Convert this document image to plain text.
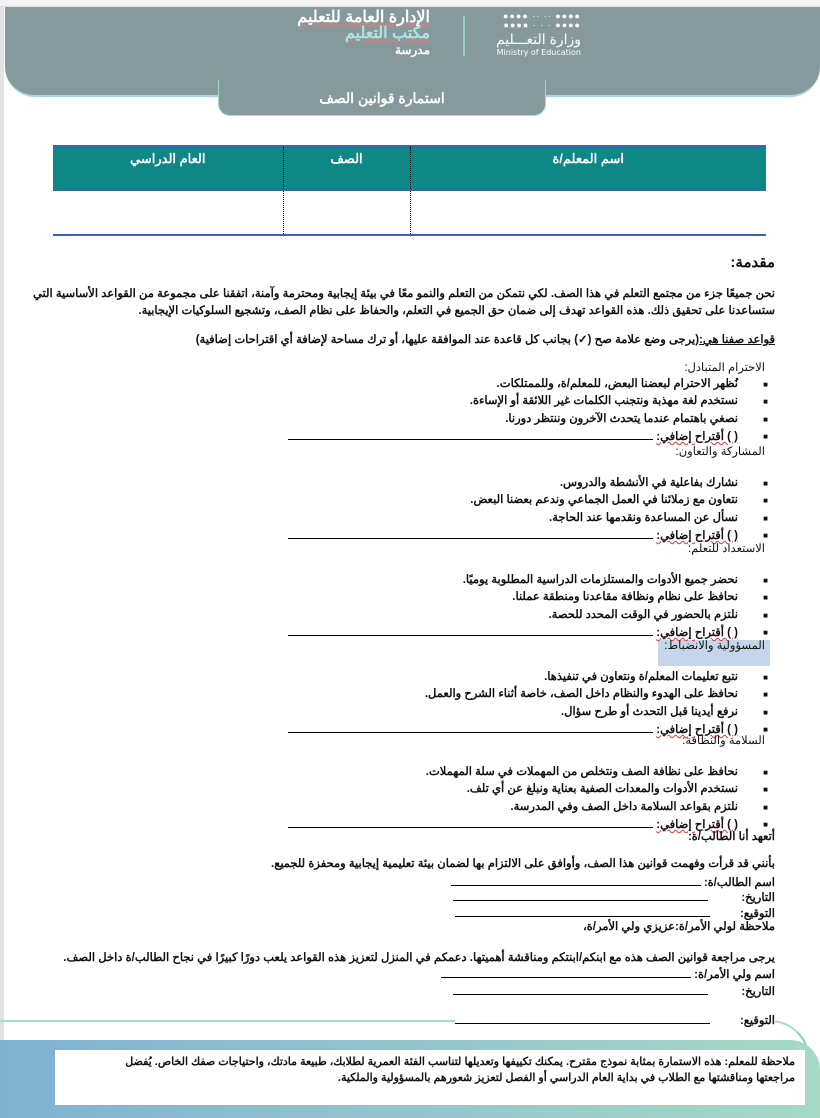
●●●● ·· ·· ●●●●
●●●● · · · ●●●●
وزارة التعـــليم
Ministry of Education
الإدارة العامة للتعليم
مكتب التعليم
مدرسة
استمارة قوانين الصف
اسم المعلم/ة	الصف	العام الدراسي

مقدمة:
نحن جميعًا جزء من مجتمع التعلم في هذا الصف. لكي نتمكن من التعلم والنمو معًا في بيئة إيجابية ومحترمة وآمنة، اتفقنا على مجموعة من القواعد الأساسية التي
ستساعدنا على تحقيق ذلك. هذه القواعد تهدف إلى ضمان حق الجميع في التعلم، والحفاظ على نظام الصف، وتشجيع السلوكيات الإيجابية.
قواعد صفنا هي:(يرجى وضع علامة صح (✓) بجانب كل قاعدة عند الموافقة عليها، أو ترك مساحة لإضافة أي اقتراحات إضافية)
الاحترام المتبادل:
■
نُظهر الاحترام لبعضنا البعض، للمعلم/ة، وللممتلكات.
■
نستخدم لغة مهذبة ونتجنب الكلمات غير اللائقة أو الإساءة.
■
نصغي باهتمام عندما يتحدث الآخرون وننتظر دورنا.
■
( ) أقتراح إضافي:
المشاركة والتعاون:
■
نشارك بفاعلية في الأنشطة والدروس.
■
نتعاون مع زملائنا في العمل الجماعي وندعم بعضنا البعض.
■
نسأل عن المساعدة ونقدمها عند الحاجة.
■
( ) أقتراح إضافي:
الاستعداد للتعلم:
■
نحضر جميع الأدوات والمستلزمات الدراسية المطلوبة يوميًا.
■
نحافظ على نظام ونظافة مقاعدنا ومنطقة عملنا.
■
نلتزم بالحضور في الوقت المحدد للحصة.
■
( ) أقتراح إضافي:
المسؤولية والانضباط:
■
نتبع تعليمات المعلم/ة ونتعاون في تنفيذها.
■
نحافظ على الهدوء والنظام داخل الصف، خاصة أثناء الشرح والعمل.
■
نرفع أيدينا قبل التحدث أو طرح سؤال.
■
( ) أقتراح إضافي:
السلامة والنظافة:
■
نحافظ على نظافة الصف ونتخلص من المهملات في سلة المهملات.
■
نستخدم الأدوات والمعدات الصفية بعناية ونبلغ عن أي تلف.
■
نلتزم بقواعد السلامة داخل الصف وفي المدرسة.
■
( ) أقتراح إضافي:
أتعهد أنا الطالب/ة:
بأنني قد قرأت وفهمت قوانين هذا الصف، وأوافق على الالتزام بها لضمان بيئة تعليمية إيجابية ومحفزة للجميع.
اسم الطالب/ة:
التاريخ:
التوقيع:
ملاحظة لولي الأمر/ة:عزيزي ولي الأمر/ة،
يرجى مراجعة قوانين الصف هذه مع ابنكم/ابنتكم ومناقشة أهميتها. دعمكم في المنزل لتعزيز هذه القواعد يلعب دورًا كبيرًا في نجاح الطالب/ة داخل الصف.
اسم ولي الأمر/ة:
التاريخ:
التوقيع:
ملاحظة للمعلم: هذه الاستمارة بمثابة نموذج مقترح. يمكنك تكييفها وتعديلها لتناسب الفئة العمرية لطلابك، طبيعة مادتك، واحتياجات صفك الخاص. يُفضل
مراجعتها ومناقشتها مع الطلاب في بداية العام الدراسي أو الفصل لتعزيز شعورهم بالمسؤولية والملكية.
